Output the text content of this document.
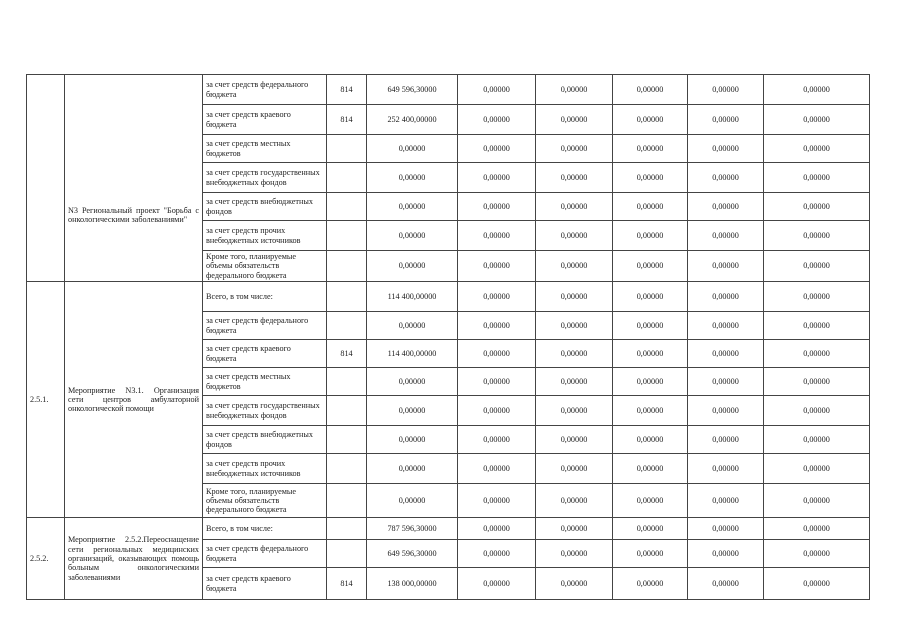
	N3 Региональный проект "Борьба с онкологическими заболеваниями"	за счет средств федерального бюджета	814	649 596,30000	0,00000	0,00000	0,00000	0,00000	0,00000
		за счет средств краевого бюджета	814	252 400,00000	0,00000	0,00000	0,00000	0,00000	0,00000
		за счет средств местных бюджетов		0,00000	0,00000	0,00000	0,00000	0,00000	0,00000
		за счет средств государственных внебюджетных фондов		0,00000	0,00000	0,00000	0,00000	0,00000	0,00000
		за счет средств внебюджетных фондов		0,00000	0,00000	0,00000	0,00000	0,00000	0,00000
		за счет средств прочих внебюджетных источников		0,00000	0,00000	0,00000	0,00000	0,00000	0,00000
		Кроме того, планируемые объемы обязательств федерального бюджета		0,00000	0,00000	0,00000	0,00000	0,00000	0,00000
2.5.1.	Мероприятие N3.1. Организация сети центров амбулаторной онкологической помощи	Всего, в том числе:		114 400,00000	0,00000	0,00000	0,00000	0,00000	0,00000
		за счет средств федерального бюджета		0,00000	0,00000	0,00000	0,00000	0,00000	0,00000
		за счет средств краевого бюджета	814	114 400,00000	0,00000	0,00000	0,00000	0,00000	0,00000
		за счет средств местных бюджетов		0,00000	0,00000	0,00000	0,00000	0,00000	0,00000
		за счет средств государственных внебюджетных фондов		0,00000	0,00000	0,00000	0,00000	0,00000	0,00000
		за счет средств внебюджетных фондов		0,00000	0,00000	0,00000	0,00000	0,00000	0,00000
		за счет средств прочих внебюджетных источников		0,00000	0,00000	0,00000	0,00000	0,00000	0,00000
		Кроме того, планируемые объемы обязательств федерального бюджета		0,00000	0,00000	0,00000	0,00000	0,00000	0,00000
2.5.2.	Мероприятие 2.5.2.Переоснащение сети региональных медицинских организаций, оказывающих помощь больным онкологическими заболеваниями	Всего, в том числе:		787 596,30000	0,00000	0,00000	0,00000	0,00000	0,00000
		за счет средств федерального бюджета		649 596,30000	0,00000	0,00000	0,00000	0,00000	0,00000
		за счет средств краевого бюджета	814	138 000,00000	0,00000	0,00000	0,00000	0,00000	0,00000
